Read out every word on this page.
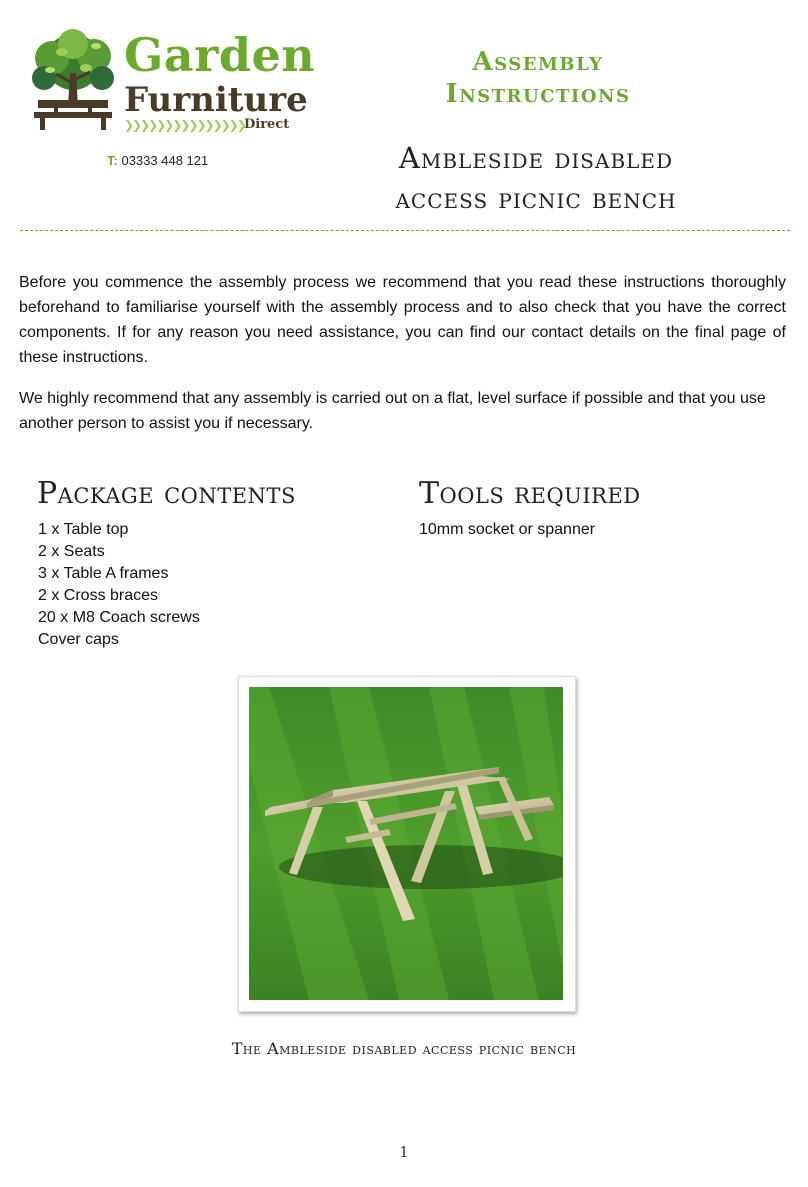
Garden
Furniture
❯❯❯❯❯❯❯❯❯❯❯❯❯❯❯ Direct
T: 03333 448 121
Assembly
Instructions
Ambleside disabled
access picnic bench

Before you commence the assembly process we recommend that you read these instructions thoroughly beforehand to familiarise yourself with the assembly process and to also check that you have the correct components. If for any reason you need assistance, you can find our contact details on the final page of these instructions.

We highly recommend that any assembly is carried out on a flat, level surface if possible and that you use another person to assist you if necessary.

Package contents	Tools required
1 x Table top
2 x Seats
3 x Table A frames
2 x Cross braces
20 x M8 Coach screws
Cover caps
10mm socket or spanner
The Ambleside disabled access picnic bench
1
